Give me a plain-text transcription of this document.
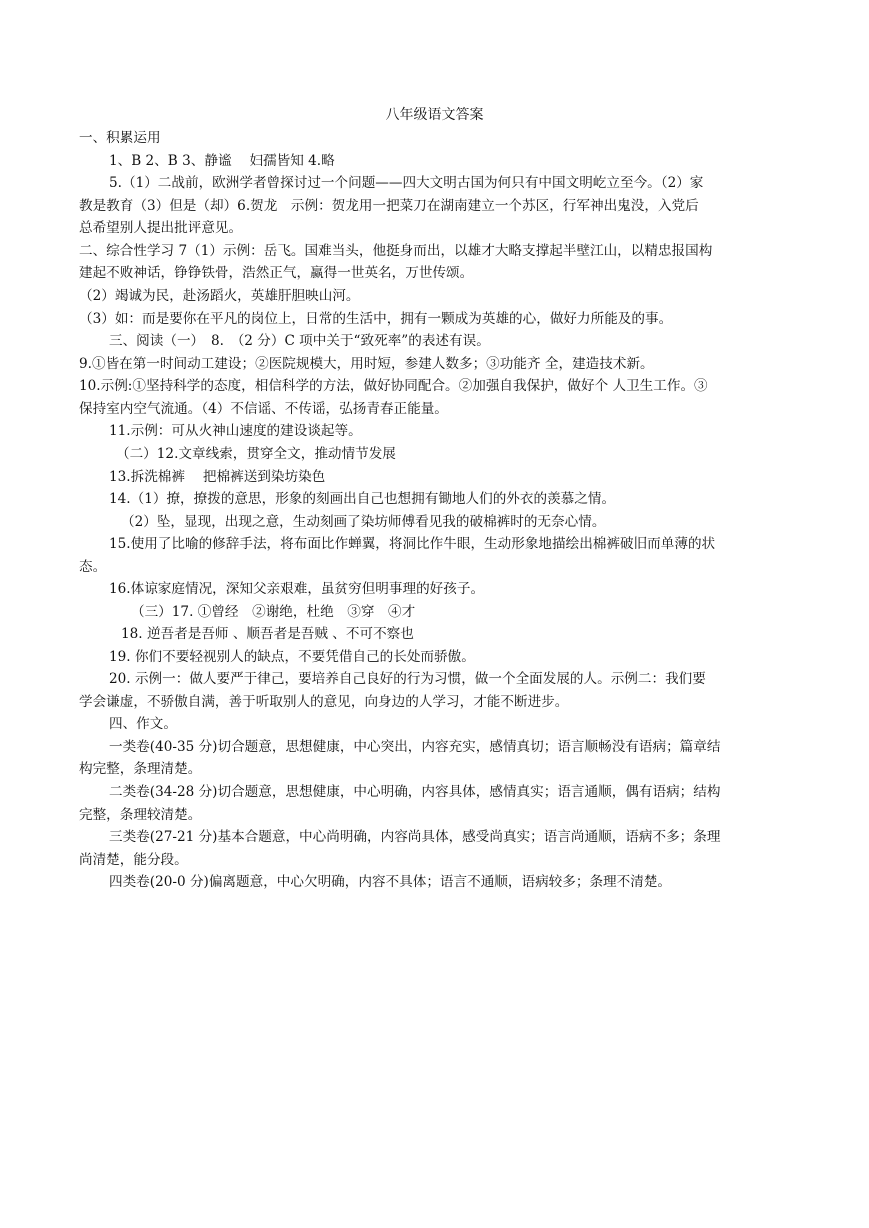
八年级语文答案
一、积累运用
1、B 2、B 3、静谧　 妇孺皆知 4.略
5.（1）二战前，欧洲学者曾探讨过一个问题——四大文明古国为何只有中国文明屹立至今。（2）家
教是教育（3）但是（却）6.贺龙　示例：贺龙用一把菜刀在湖南建立一个苏区，行军神出鬼没，入党后
总希望别人提出批评意见。
二、综合性学习 7（1）示例：岳飞。国难当头，他挺身而出，以雄才大略支撑起半壁江山，以精忠报国构
建起不败神话，铮铮铁骨，浩然正气，赢得一世英名，万世传颂。
（2）竭诚为民，赴汤蹈火，英雄肝胆映山河。
（3）如：而是要你在平凡的岗位上，日常的生活中，拥有一颗成为英雄的心，做好力所能及的事。
三、阅读（一）　8.　（2 分）C 项中关于“致死率”的表述有误。
9.①皆在第一时间动工建设；②医院规模大，用时短，参建人数多；③功能齐 全，建造技术新。
10.示例:①坚持科学的态度，相信科学的方法，做好协同配合。②加强自我保护，做好个 人卫生工作。③
保持室内空气流通。（4）不信谣、不传谣，弘扬青春正能量。
11.示例：可从火神山速度的建设谈起等。
（二）12.文章线索，贯穿全文，推动情节发展
13.拆洗棉裤　 把棉裤送到染坊染色
14.（1）撩，撩拨的意思，形象的刻画出自己也想拥有锄地人们的外衣的羡慕之情。
（2）坠，显现，出现之意，生动刻画了染坊师傅看见我的破棉裤时的无奈心情。
15.使用了比喻的修辞手法，将布面比作蝉翼，将洞比作牛眼，生动形象地描绘出棉裤破旧而单薄的状
态。
16.体谅家庭情况，深知父亲艰难，虽贫穷但明事理的好孩子。
（三）17. ①曾经　②谢绝，杜绝　③穿　④才
18. 逆吾者是吾师 、顺吾者是吾贼 、不可不察也
19. 你们不要轻视别人的缺点，不要凭借自己的长处而骄傲。
20. 示例一：做人要严于律己，要培养自己良好的行为习惯，做一个全面发展的人。示例二：我们要
学会谦虚，不骄傲自满，善于听取别人的意见，向身边的人学习，才能不断进步。
四、作文。
一类卷(40-35 分)切合题意，思想健康，中心突出，内容充实，感情真切；语言顺畅没有语病；篇章结
构完整，条理清楚。
二类卷(34-28 分)切合题意，思想健康，中心明确，内容具体，感情真实；语言通顺，偶有语病；结构
完整，条理较清楚。
三类卷(27-21 分)基本合题意，中心尚明确，内容尚具体，感受尚真实；语言尚通顺，语病不多；条理
尚清楚，能分段。
四类卷(20-0 分)偏离题意，中心欠明确，内容不具体；语言不通顺，语病较多；条理不清楚。
